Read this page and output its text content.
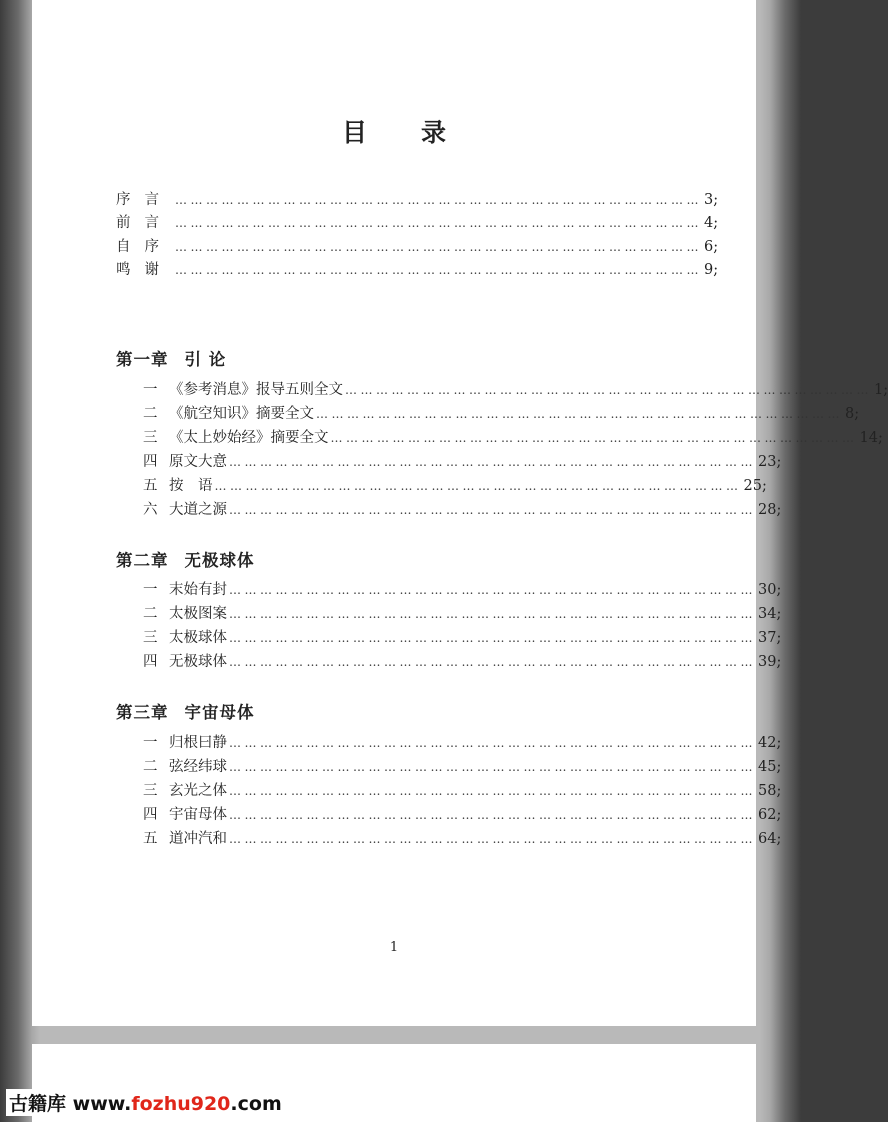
目录
序言 ………………………………………………………………………………………… 3;
前言 ………………………………………………………………………………………… 4;
自序 ………………………………………………………………………………………… 6;
鸣谢 ………………………………………………………………………………………… 9;
第一章 引 论
一 《参考消息》报导五则全文 ………………………………………………………………………………………… 1;
二 《航空知识》摘要全文 ………………………………………………………………………………………… 8;
三 《太上妙始经》摘要全文 ………………………………………………………………………………………… 14;
四 原文大意 ………………………………………………………………………………………… 23;
五 按　语 ………………………………………………………………………………………… 25;
六 大道之源 ………………………………………………………………………………………… 28;
第二章 无极球体
一 末始有封 ………………………………………………………………………………………… 30;
二 太极图案 ………………………………………………………………………………………… 34;
三 太极球体 ………………………………………………………………………………………… 37;
四 无极球体 ………………………………………………………………………………………… 39;
第三章 宇宙母体
一 归根曰静 ………………………………………………………………………………………… 42;
二 弦经纬球 ………………………………………………………………………………………… 45;
三 玄光之体 ………………………………………………………………………………………… 58;
四 宇宙母体 ………………………………………………………………………………………… 62;
五 道冲汽和 ………………………………………………………………………………………… 64;
1
古籍库 www.fozhu920.com
